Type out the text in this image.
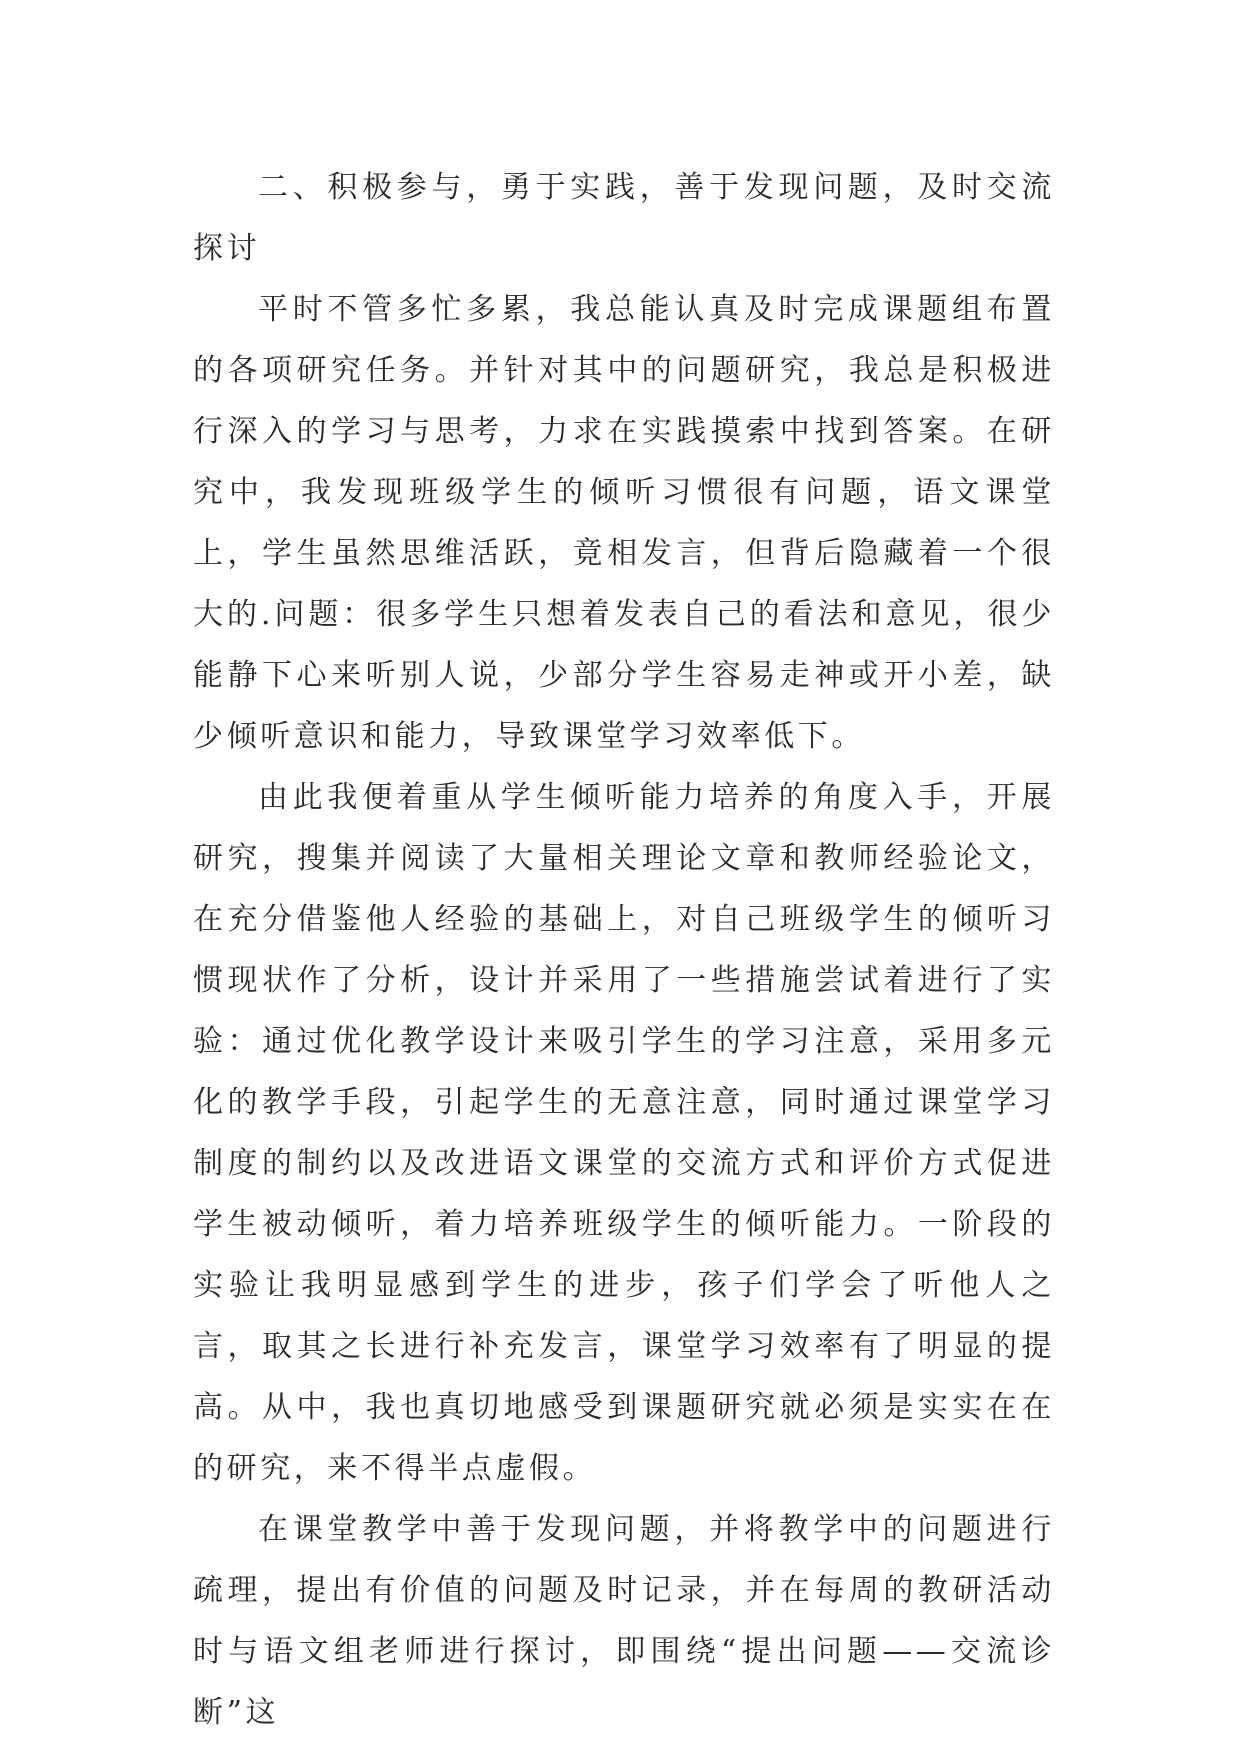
二、积极参与，勇于实践，善于发现问题，及时交流探讨

平时不管多忙多累，我总能认真及时完成课题组布置的各项研究任务。并针对其中的问题研究，我总是积极进行深入的学习与思考，力求在实践摸索中找到答案。在研究中，我发现班级学生的倾听习惯很有问题，语文课堂上，学生虽然思维活跃，竟相发言，但背后隐藏着一个很大的.问题：很多学生只想着发表自己的看法和意见，很少能静下心来听别人说，少部分学生容易走神或开小差，缺少倾听意识和能力，导致课堂学习效率低下。

由此我便着重从学生倾听能力培养的角度入手，开展研究，搜集并阅读了大量相关理论文章和教师经验论文，在充分借鉴他人经验的基础上，对自己班级学生的倾听习惯现状作了分析，设计并采用了一些措施尝试着进行了实验：通过优化教学设计来吸引学生的学习注意，采用多元化的教学手段，引起学生的无意注意，同时通过课堂学习制度的制约以及改进语文课堂的交流方式和评价方式促进学生被动倾听，着力培养班级学生的倾听能力。一阶段的实验让我明显感到学生的进步，孩子们学会了听他人之言，取其之长进行补充发言，课堂学习效率有了明显的提高。从中，我也真切地感受到课题研究就必须是实实在在的研究，来不得半点虚假。

在课堂教学中善于发现问题，并将教学中的问题进行疏理，提出有价值的问题及时记录，并在每周的教研活动时与语文组老师进行探讨，即围绕“提出问题——交流诊断”这
